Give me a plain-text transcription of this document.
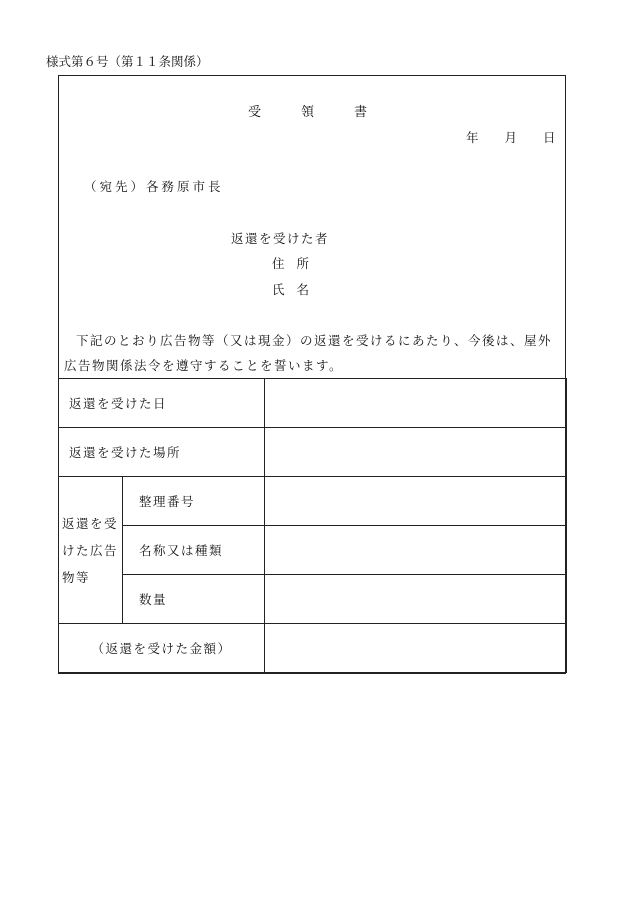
様式第６号（第１１条関係）
受領書
年 月 日
（宛先）各務原市長
返還を受けた者
住所
氏名
下記のとおり広告物等（又は現金）の返還を受けるにあたり、今後は、屋外広告物関係法令を遵守することを誓います。
返還を受けた日		
返還を受けた場所		
返還を受けた広告物等	整理番号	
	名称又は種類	
	数量	
（返還を受けた金額）		
